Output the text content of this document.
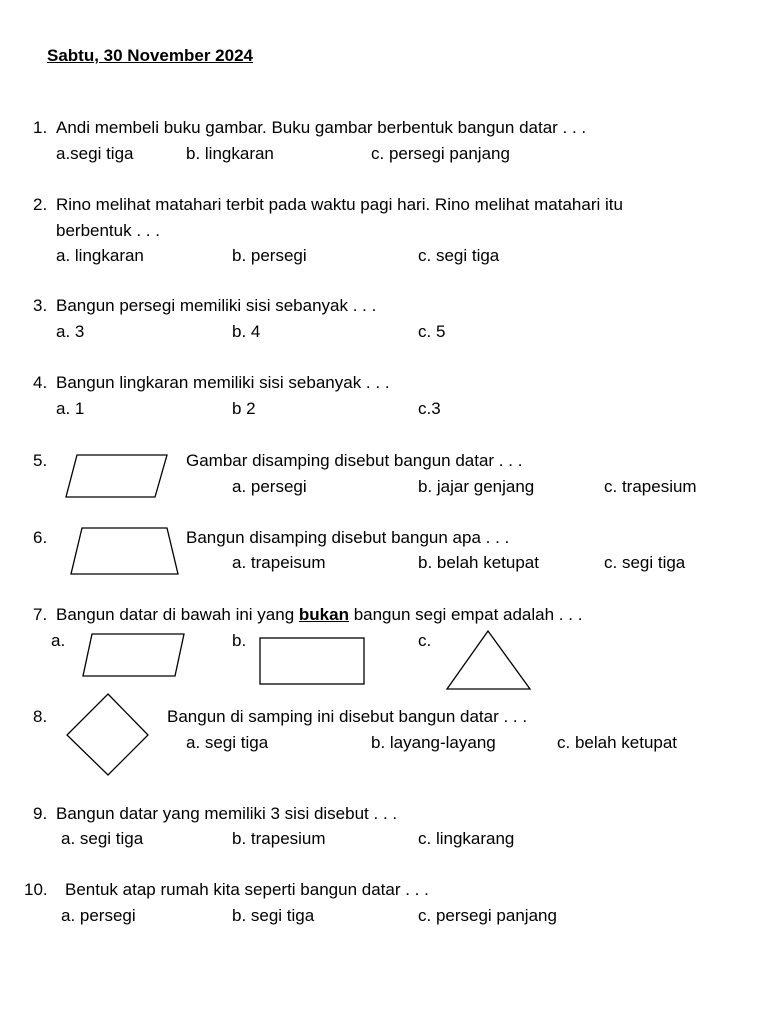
Sabtu, 30 November 2024
1. Andi membeli buku gambar. Buku gambar berbentuk bangun datar . . .
a.segi tiga	b. lingkaran	c. persegi panjang
2. Rino melihat matahari terbit pada waktu pagi hari. Rino melihat matahari itu
berbentuk . . .
a. lingkaran	b. persegi	c. segi tiga
3. Bangun persegi memiliki sisi sebanyak . . .
a. 3	b. 4	c. 5
4. Bangun lingkaran memiliki sisi sebanyak . . .
a. 1	b 2	c.3
5.	Gambar disamping disebut bangun datar . . .
a. persegi	b. jajar genjang	c. trapesium
6.	Bangun disamping disebut bangun apa . . .
a. trapeisum	b. belah ketupat	c. segi tiga
7. Bangun datar di bawah ini yang bukan bangun segi empat adalah . . .
a.	b.	c.
8.	Bangun di samping ini disebut bangun datar . . .
a. segi tiga	b. layang-layang	c. belah ketupat
9. Bangun datar yang memiliki 3 sisi disebut . . .
a. segi tiga	b. trapesium	c. lingkarang
10. Bentuk atap rumah kita seperti bangun datar . . .
a. persegi	b. segi tiga	c. persegi panjang
